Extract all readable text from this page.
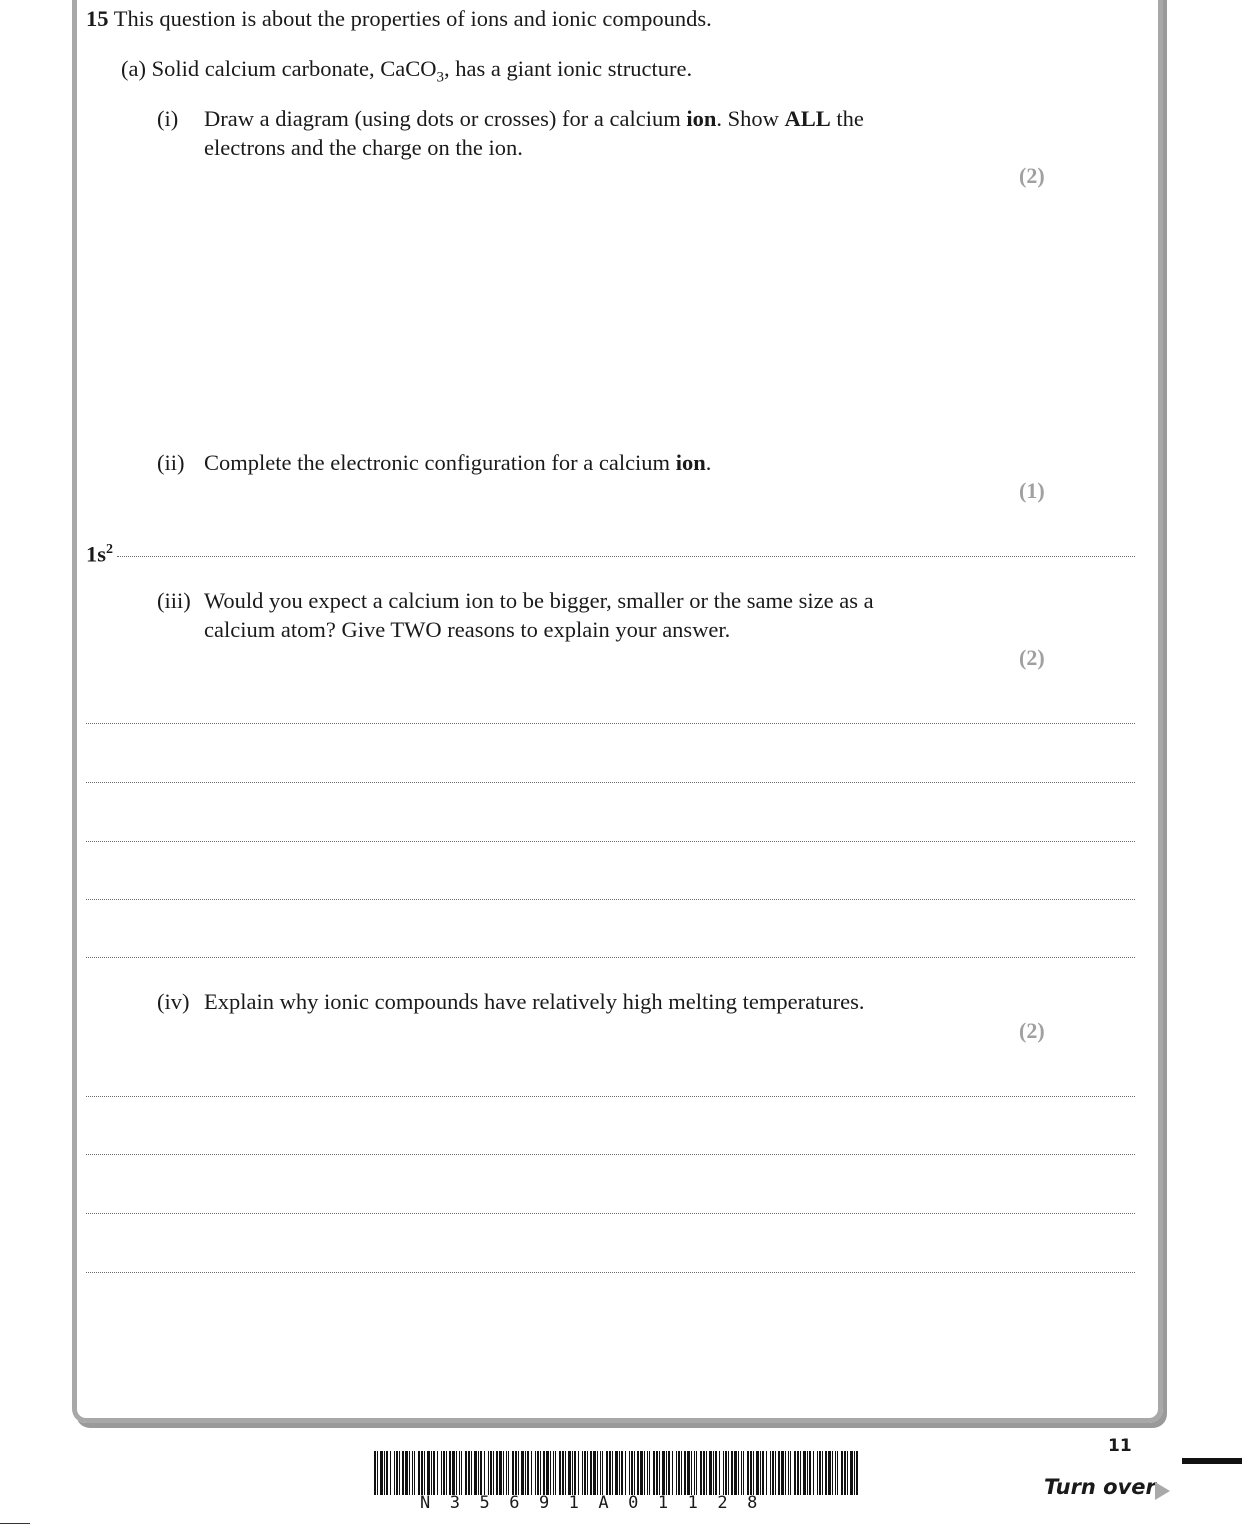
15 This question is about the properties of ions and ionic compounds.
(a) Solid calcium carbonate, CaCO$_3$, has a giant ionic structure.
(i) Draw a diagram (using dots or crosses) for a calcium ion. Show ALL the
electrons and the charge on the ion.
(2)
(ii) Complete the electronic configuration for a calcium ion.
(1)
$1s^2$
(iii) Would you expect a calcium ion to be bigger, smaller or the same size as a
calcium atom? Give TWO reasons to explain your answer.
(2)
(iv) Explain why ionic compounds have relatively high melting temperatures.
(2)
N35691A01128
11
Turn over
